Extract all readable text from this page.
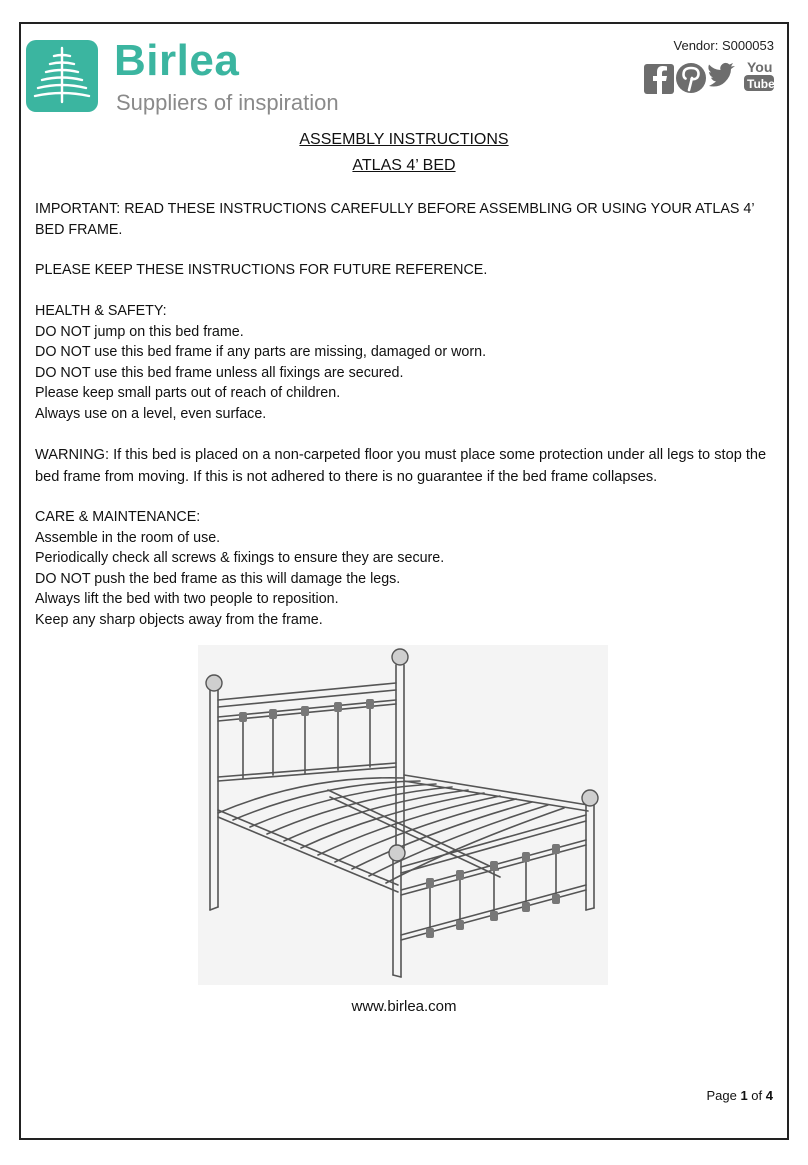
Birlea
Suppliers of inspiration
Vendor: S000053
You
Tube
ASSEMBLY INSTRUCTIONS
ATLAS 4’ BED
IMPORTANT: READ THESE INSTRUCTIONS CAREFULLY BEFORE ASSEMBLING OR USING YOUR ATLAS 4’ BED FRAME.
PLEASE KEEP THESE INSTRUCTIONS FOR FUTURE REFERENCE.
HEALTH & SAFETY:
DO NOT jump on this bed frame.
DO NOT use this bed frame if any parts are missing, damaged or worn.
DO NOT use this bed frame unless all fixings are secured.
Please keep small parts out of reach of children.
Always use on a level, even surface.
WARNING: If this bed is placed on a non-carpeted floor you must place some protection under all legs to stop the bed frame from moving. If this is not adhered to there is no guarantee if the bed frame collapses.
CARE & MAINTENANCE:
Assemble in the room of use.
Periodically check all screws & fixings to ensure they are secure.
DO NOT push the bed frame as this will damage the legs.
Always lift the bed with two people to reposition.
Keep any sharp objects away from the frame.
www.birlea.com
Page 1 of 4
